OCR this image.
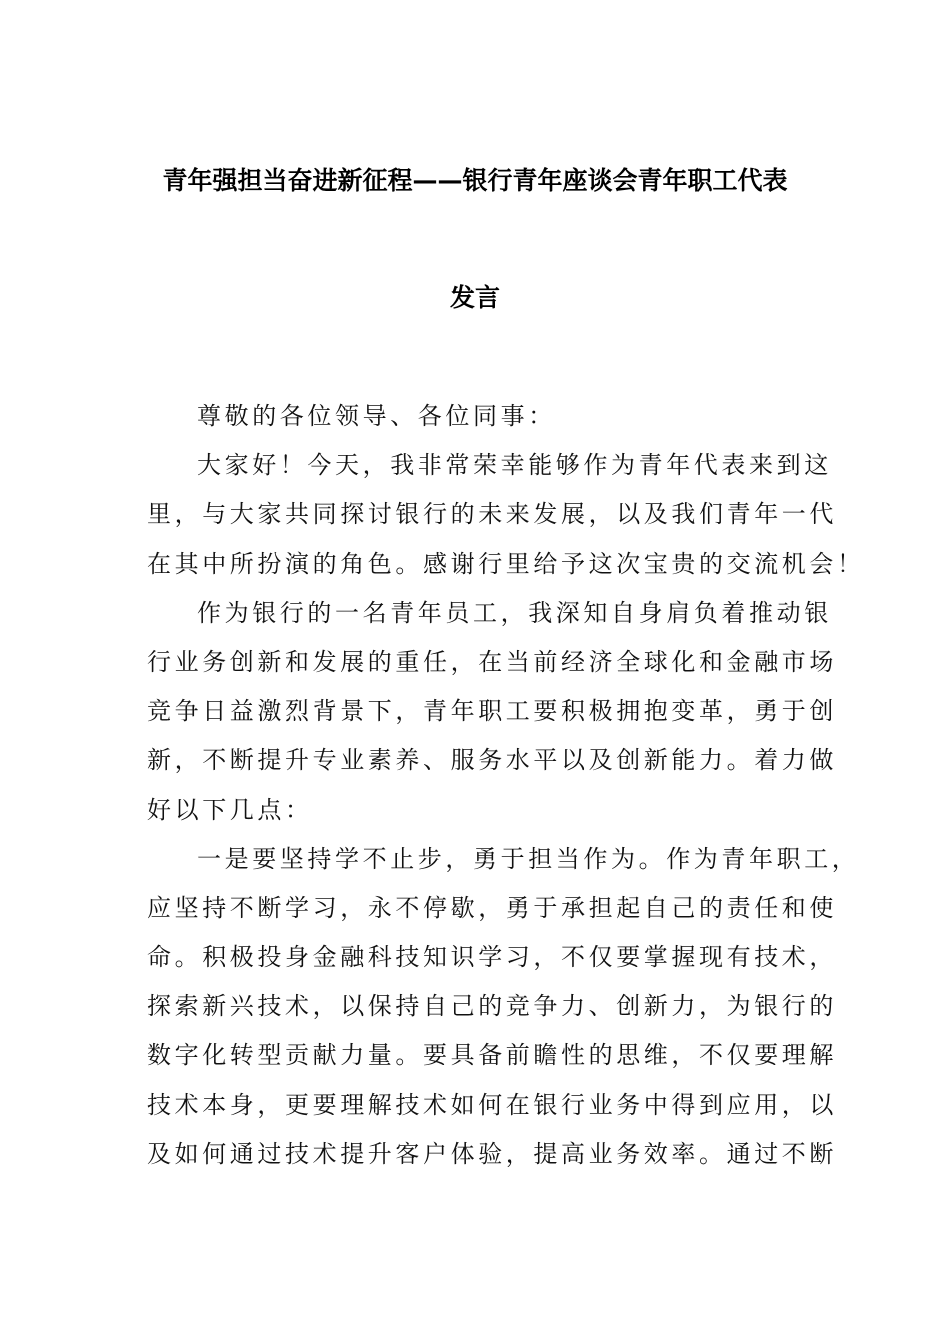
青年强担当奋进新征程——银行青年座谈会青年职工代表
发言
尊敬的各位领导、各位同事：
大家好！今天，我非常荣幸能够作为青年代表来到这
里，与大家共同探讨银行的未来发展，以及我们青年一代
在其中所扮演的角色。感谢行里给予这次宝贵的交流机会！
作为银行的一名青年员工，我深知自身肩负着推动银
行业务创新和发展的重任，在当前经济全球化和金融市场
竞争日益激烈背景下，青年职工要积极拥抱变革，勇于创
新，不断提升专业素养、服务水平以及创新能力。着力做
好以下几点：
一是要坚持学不止步，勇于担当作为。作为青年职工，
应坚持不断学习，永不停歇，勇于承担起自己的责任和使
命。积极投身金融科技知识学习，不仅要掌握现有技术，
探索新兴技术，以保持自己的竞争力、创新力，为银行的
数字化转型贡献力量。要具备前瞻性的思维，不仅要理解
技术本身，更要理解技术如何在银行业务中得到应用，以
及如何通过技术提升客户体验，提高业务效率。通过不断
